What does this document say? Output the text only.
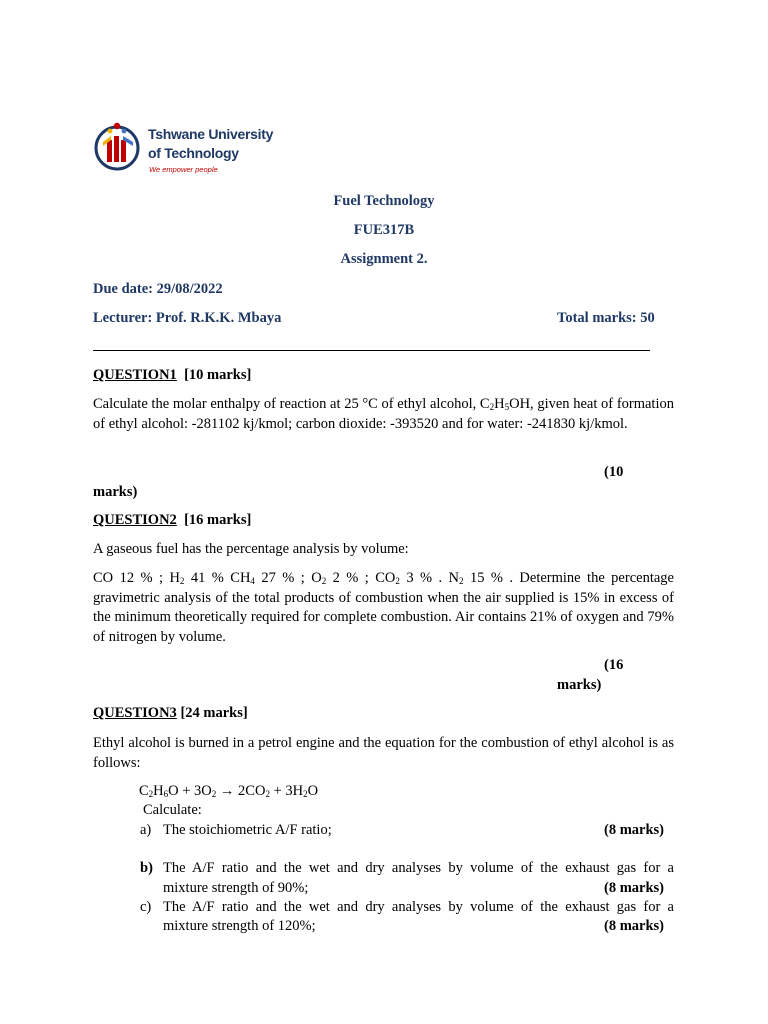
Tshwane University
of Technology
We empower people
Fuel Technology
FUE317B
Assignment 2.
Due date: 29/08/2022
Lecturer: Prof. R.K.K. Mbaya	Total marks: 50
QUESTION1 [10 marks]
Calculate the molar enthalpy of reaction at 25 °C of ethyl alcohol, $C_2H_5OH$, given heat of formation of ethyl alcohol: -281102 kj/kmol; carbon dioxide: -393520 and for water: -241830 kj/kmol.
(10
marks)
QUESTION2 [16 marks]
A gaseous fuel has the percentage analysis by volume:
CO 12 % ; $H_2$ 41 % $CH_4$ 27 % ; $O_2$ 2 % ; $CO_2$ 3 % . $N_2$ 15 % . Determine the percentage gravimetric analysis of the total products of combustion when the air supplied is 15% in excess of the minimum theoretically required for complete combustion. Air contains 21% of oxygen and 79% of nitrogen by volume.
(16
marks)
QUESTION3 [24 marks]
Ethyl alcohol is burned in a petrol engine and the equation for the combustion of ethyl alcohol is as follows:
$C_2H_6O + 3O_2 \to 2CO_2 + 3H_2O$
Calculate:
a) The stoichiometric A/F ratio;	(8 marks)
b) The A/F ratio and the wet and dry analyses by volume of the exhaust gas for a
mixture strength of 90%;	(8 marks)
c) The A/F ratio and the wet and dry analyses by volume of the exhaust gas for a
mixture strength of 120%;	(8 marks)
